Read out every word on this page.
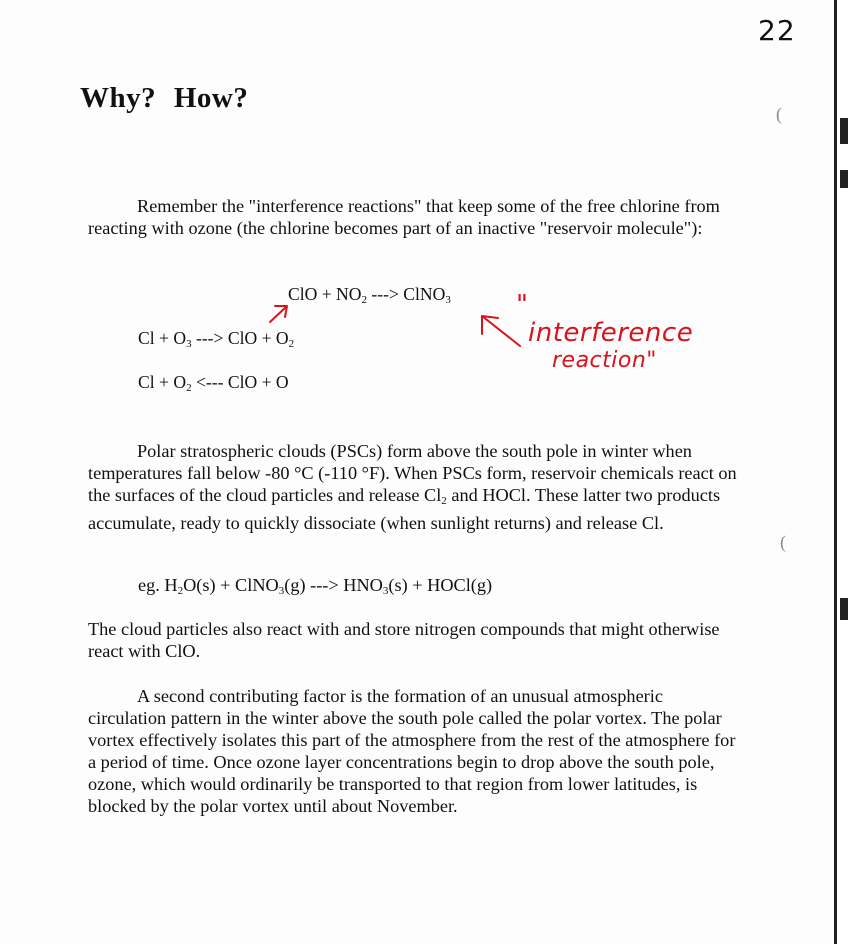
22
Why? How?
Remember the "interference reactions" that keep some of the free chlorine from reacting with ozone (the chlorine becomes part of an inactive "reservoir molecule"):
ClO + $NO_2$ ---> ClNO$_3$
$Cl + O_3$ ---> ClO + $O_2$
$Cl + O_2$ <--- ClO + O
"
interference
reaction"
Polar stratospheric clouds (PSCs) form above the south pole in winter when temperatures fall below -80 °C (-110 °F). When PSCs form, reservoir chemicals react on the surfaces of the cloud particles and release $Cl_2$ and HOCl. These latter two products accumulate, ready to quickly dissociate (when sunlight returns) and release Cl.
eg. $H_2O(s)$ + ClNO$_3$(g) ---> $HNO_3(s)$ + HOCl(g)
The cloud particles also react with and store nitrogen compounds that might otherwise react with ClO.
A second contributing factor is the formation of an unusual atmospheric circulation pattern in the winter above the south pole called the polar vortex. The polar vortex effectively isolates this part of the atmosphere from the rest of the atmosphere for a period of time. Once ozone layer concentrations begin to drop above the south pole, ozone, which would ordinarily be transported to that region from lower latitudes, is blocked by the polar vortex until about November.
(
(
